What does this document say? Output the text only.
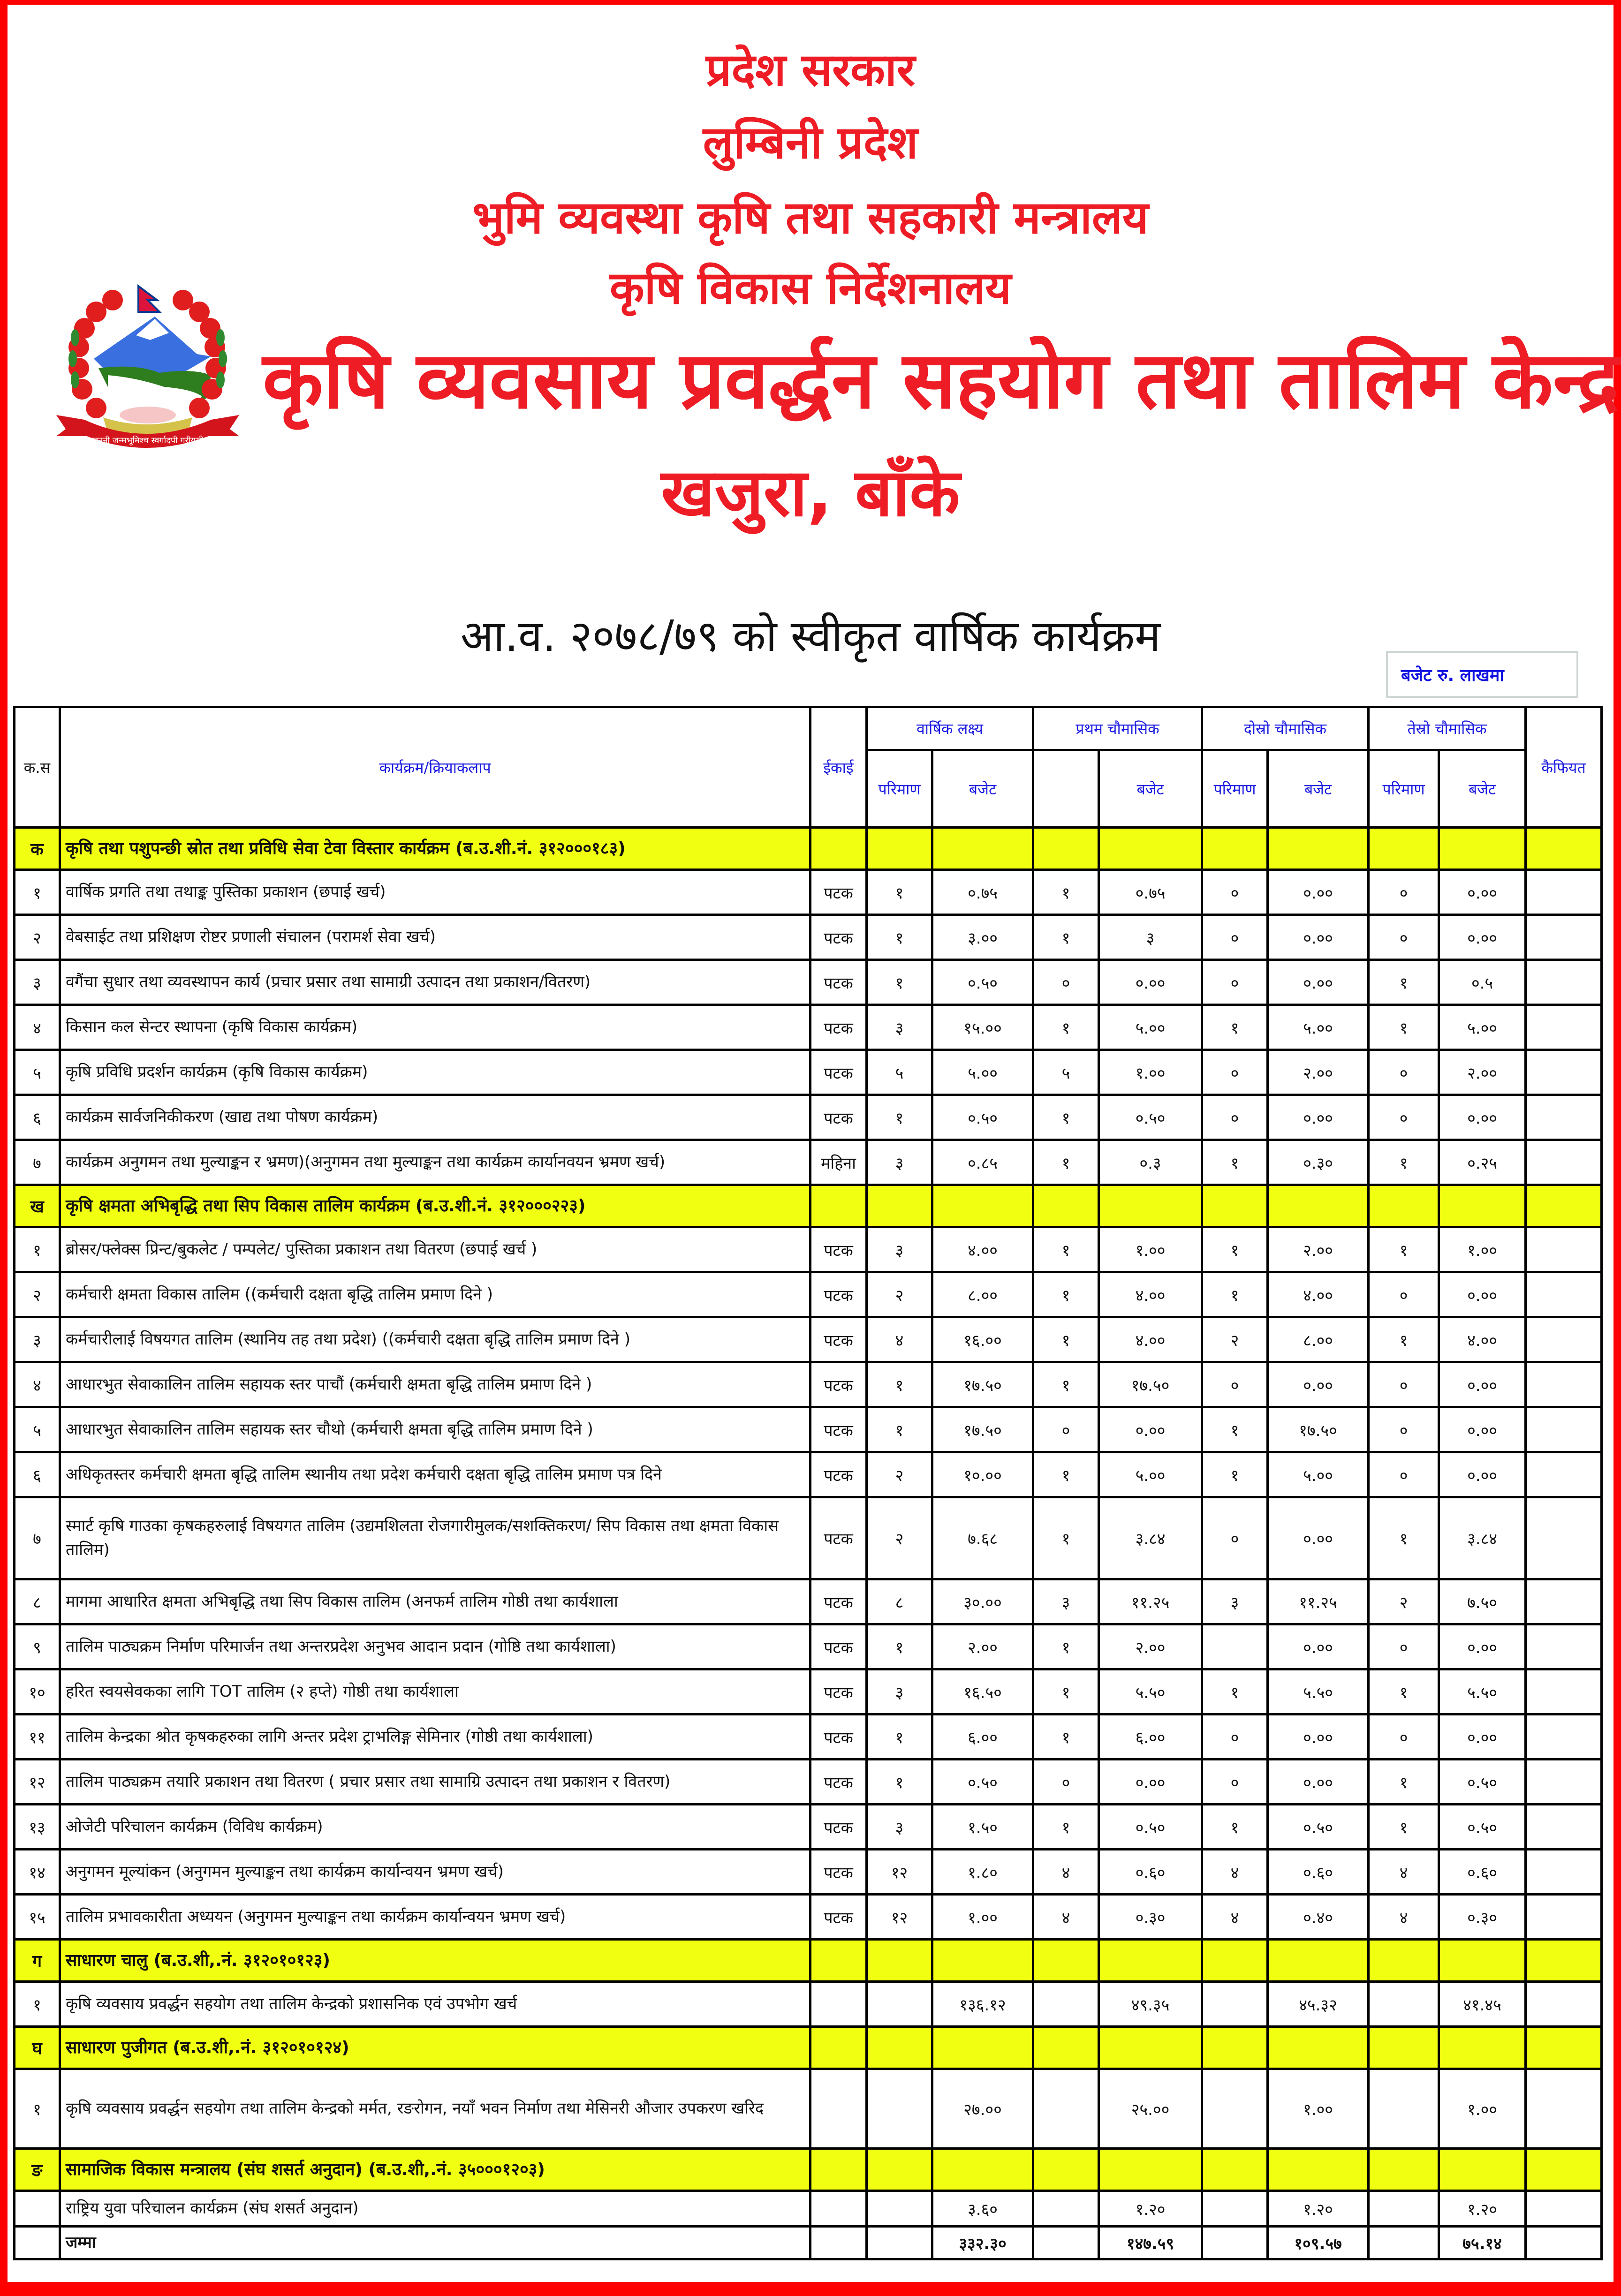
जननी जन्मभूमिश्च स्वर्गादपी गरीयसी
प्रदेश सरकार
लुम्बिनी प्रदेश
भुमि व्यवस्था कृषि तथा सहकारी मन्त्रालय
कृषि विकास निर्देशनालय
कृषि व्यवसाय प्रवर्द्धन सहयोग तथा तालिम केन्द्र
खजुरा, बाँके
आ.व. २०७८/७९ को स्वीकृत वार्षिक कार्यक्रम
बजेट रु. लाखमा
क.स	कार्यक्रम/क्रियाकलाप	ईकाई	वार्षिक लक्ष्य		प्रथम चौमासिक		दोस्रो चौमासिक		तेस्रो चौमासिक		कैफियत
			परिमाण	बजेट		बजेट	परिमाण	बजेट	परिमाण	बजेट	
क	कृषि तथा पशुपन्छी स्रोत तथा प्रविधि सेवा टेवा विस्तार कार्यक्रम (ब.उ.शी.नं. ३१२०००१८३)										
१	वार्षिक प्रगति तथा तथाङ्क पुस्तिका प्रकाशन (छपाई खर्च)	पटक	१	०.७५	१	०.७५	०	०.००	०	०.००	
२	वेबसाईट तथा प्रशिक्षण रोष्टर प्रणाली संचालन (परामर्श सेवा खर्च)	पटक	१	३.००	१	३	०	०.००	०	०.००	
३	वगैंचा सुधार तथा व्यवस्थापन कार्य (प्रचार प्रसार तथा सामाग्री उत्पादन तथा प्रकाशन/वितरण)	पटक	१	०.५०	०	०.००	०	०.००	१	०.५	
४	किसान कल सेन्टर स्थापना (कृषि विकास कार्यक्रम)	पटक	३	१५.००	१	५.००	१	५.००	१	५.००	
५	कृषि प्रविधि प्रदर्शन कार्यक्रम (कृषि विकास कार्यक्रम)	पटक	५	५.००	५	१.००	०	२.००	०	२.००	
६	कार्यक्रम सार्वजनिकीकरण (खाद्य तथा पोषण कार्यक्रम)	पटक	१	०.५०	१	०.५०	०	०.००	०	०.००	
७	कार्यक्रम अनुगमन तथा मुल्याङ्कन र भ्रमण)(अनुगमन तथा मुल्याङ्कन तथा कार्यक्रम कार्यानवयन भ्रमण खर्च)	महिना	३	०.८५	१	०.३	१	०.३०	१	०.२५	
ख	कृषि क्षमता अभिबृद्धि तथा सिप विकास तालिम कार्यक्रम (ब.उ.शी.नं. ३१२०००२२३)										
१	ब्रोसर/फ्लेक्स प्रिन्ट/बुकलेट / पम्पलेट/ पुस्तिका प्रकाशन तथा वितरण (छपाई खर्च )	पटक	३	४.००	१	१.००	१	२.००	१	१.००	
२	कर्मचारी क्षमता विकास तालिम ((कर्मचारी दक्षता बृद्धि तालिम प्रमाण दिने )	पटक	२	८.००	१	४.००	१	४.००	०	०.००	
३	कर्मचारीलाई विषयगत तालिम (स्थानिय तह तथा प्रदेश) ((कर्मचारी दक्षता बृद्धि तालिम प्रमाण दिने )	पटक	४	१६.००	१	४.००	२	८.००	१	४.००	
४	आधारभुत सेवाकालिन तालिम सहायक स्तर पाचौं (कर्मचारी क्षमता बृद्धि तालिम प्रमाण दिने )	पटक	१	१७.५०	१	१७.५०	०	०.००	०	०.००	
५	आधारभुत सेवाकालिन तालिम सहायक स्तर चौथो (कर्मचारी क्षमता बृद्धि तालिम प्रमाण दिने )	पटक	१	१७.५०	०	०.००	१	१७.५०	०	०.००	
६	अधिकृतस्तर कर्मचारी क्षमता बृद्धि तालिम स्थानीय तथा प्रदेश कर्मचारी दक्षता बृद्धि तालिम प्रमाण पत्र दिने	पटक	२	१०.००	१	५.००	१	५.००	०	०.००	
७	स्मार्ट कृषि गाउका कृषकहरुलाई विषयगत तालिम (उद्यमशिलता रोजगारीमुलक/सशक्तिकरण/ सिप विकास तथा क्षमता विकास तालिम)	पटक	२	७.६८	१	३.८४	०	०.००	१	३.८४	
८	मागमा आधारित क्षमता अभिबृद्धि तथा सिप विकास तालिम (अनफर्म तालिम गोष्ठी तथा कार्यशाला	पटक	८	३०.००	३	११.२५	३	११.२५	२	७.५०	
९	तालिम पाठ्यक्रम निर्माण परिमार्जन तथा अन्तरप्रदेश अनुभव आदान प्रदान (गोष्ठि तथा कार्यशाला)	पटक	१	२.००	१	२.००		०.००	०	०.००	
१०	हरित स्वयसेवकका लागि TOT तालिम (२ हप्ते) गोष्ठी तथा कार्यशाला	पटक	३	१६.५०	१	५.५०	१	५.५०	१	५.५०	
११	तालिम केन्द्रका श्रोत कृषकहरुका लागि अन्तर प्रदेश ट्राभलिङ्ग सेमिनार (गोष्ठी तथा कार्यशाला)	पटक	१	६.००	१	६.००	०	०.००	०	०.००	
१२	तालिम पाठ्यक्रम तयारि प्रकाशन तथा वितरण ( प्रचार प्रसार तथा सामाग्रि उत्पादन तथा प्रकाशन र वितरण)	पटक	१	०.५०	०	०.००	०	०.००	१	०.५०	
१३	ओजेटी परिचालन कार्यक्रम (विविध कार्यक्रम)	पटक	३	१.५०	१	०.५०	१	०.५०	१	०.५०	
१४	अनुगमन मूल्यांकन (अनुगमन मुल्याङ्कन तथा कार्यक्रम कार्यान्वयन भ्रमण खर्च)	पटक	१२	१.८०	४	०.६०	४	०.६०	४	०.६०	
१५	तालिम प्रभावकारीता अध्ययन (अनुगमन मुल्याङ्कन तथा कार्यक्रम कार्यान्वयन भ्रमण खर्च)	पटक	१२	१.००	४	०.३०	४	०.४०	४	०.३०	
ग	साधारण चालु (ब.उ.शी,.नं. ३१२०१०१२३)										
१	कृषि व्यवसाय प्रवर्द्धन सहयोग तथा तालिम केन्द्रको प्रशासनिक एवं उपभोग खर्च			१३६.१२		४९.३५		४५.३२		४१.४५	
घ	साधारण पुजीगत (ब.उ.शी,.नं. ३१२०१०१२४)										
१	कृषि व्यवसाय प्रवर्द्धन सहयोग तथा तालिम केन्द्रको मर्मत, रङरोगन, नयाँ भवन निर्माण तथा मेसिनरी औजार उपकरण खरिद			२७.००		२५.००		१.००		१.००	
ङ	सामाजिक विकास मन्त्रालय (संघ शसर्त अनुदान) (ब.उ.शी,.नं. ३५०००१२०३)										
	राष्ट्रिय युवा परिचालन कार्यक्रम (संघ शसर्त अनुदान)			३.६०		१.२०		१.२०		१.२०	
	जम्मा			३३२.३०		१४७.५९		१०९.५७		७५.१४	
